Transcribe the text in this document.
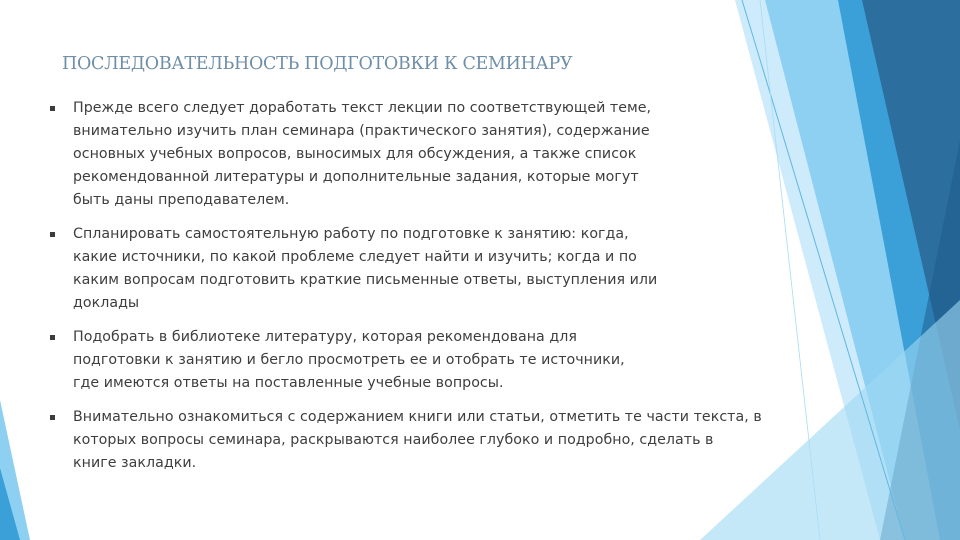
ПОСЛЕДОВАТЕЛЬНОСТЬ ПОДГОТОВКИ К СЕМИНАРУ
Прежде всего следует доработать текст лекции по соответствующей теме,
внимательно изучить план семинара (практического занятия), содержание
основных учебных вопросов, выносимых для обсуждения, а также список
рекомендованной литературы и дополнительные задания, которые могут
быть даны преподавателем.
Спланировать самостоятельную работу по подготовке к занятию: когда,
какие источники, по какой проблеме следует найти и изучить; когда и по
каким вопросам подготовить краткие письменные ответы, выступления или
доклады
Подобрать в библиотеке литературу, которая рекомендована для
подготовки к занятию и бегло просмотреть ее и отобрать те источники,
где имеются ответы на поставленные учебные вопросы.
Внимательно ознакомиться с содержанием книги или статьи, отметить те части текста, в
которых вопросы семинара, раскрываются наиболее глубоко и подробно, сделать в
книге закладки.
